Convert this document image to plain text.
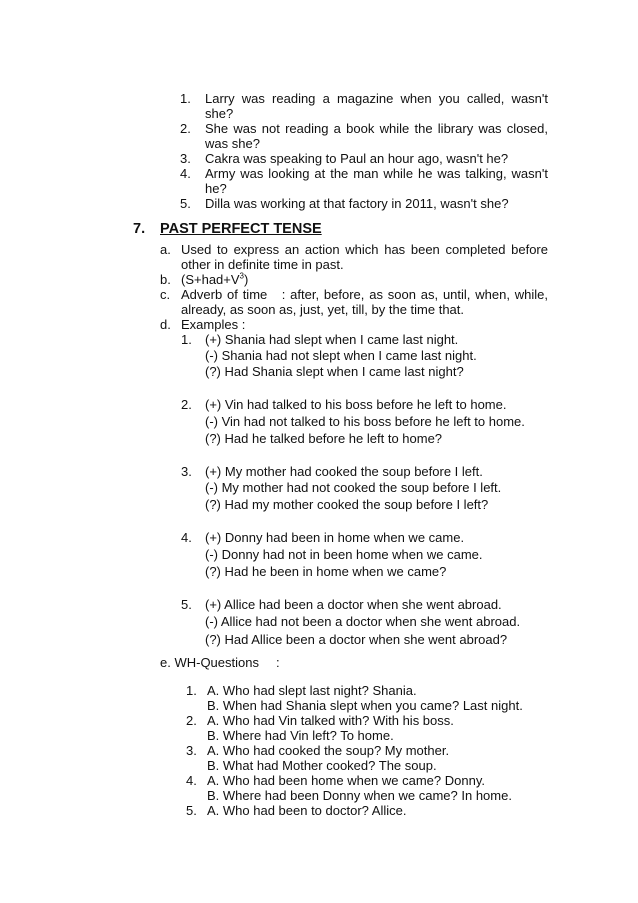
1. Larry was reading a magazine when you called, wasn't
she?
2. She was not reading a book while the library was closed,
was she?
3. Cakra was speaking to Paul an hour ago, wasn't he?
4. Army was looking at the man while he was talking, wasn't
he?
5. Dilla was working at that factory in 2011, wasn't she?
7. PAST PERFECT TENSE
a. Used to express an action which has been completed before
other in definite time in past.
b. $(S+had+V^3)$
c. Adverb of time   : after, before, as soon as, until, when, while,
already, as soon as, just, yet, till, by the time that.
d. Examples :
1. (+) Shania had slept when I came last night.
(-) Shania had not slept when I came last night.
(?) Had Shania slept when I came last night?
2. (+) Vin had talked to his boss before he left to home.
(-) Vin had not talked to his boss before he left to home.
(?) Had he talked before he left to home?
3. (+) My mother had cooked the soup before I left.
(-) My mother had not cooked the soup before I left.
(?) Had my mother cooked the soup before I left?
4. (+) Donny had been in home when we came.
(-) Donny had not in been home when we came.
(?) Had he been in home when we came?
5. (+) Allice had been a doctor when she went abroad.
(-) Allice had not been a doctor when she went abroad.
(?) Had Allice been a doctor when she went abroad?
e. WH-Questions :
1. A. Who had slept last night? Shania.
B. When had Shania slept when you came? Last night.
2. A. Who had Vin talked with? With his boss.
B. Where had Vin left? To home.
3. A. Who had cooked the soup? My mother.
B. What had Mother cooked? The soup.
4. A. Who had been home when we came? Donny.
B. Where had been Donny when we came? In home.
5. A. Who had been to doctor? Allice.
